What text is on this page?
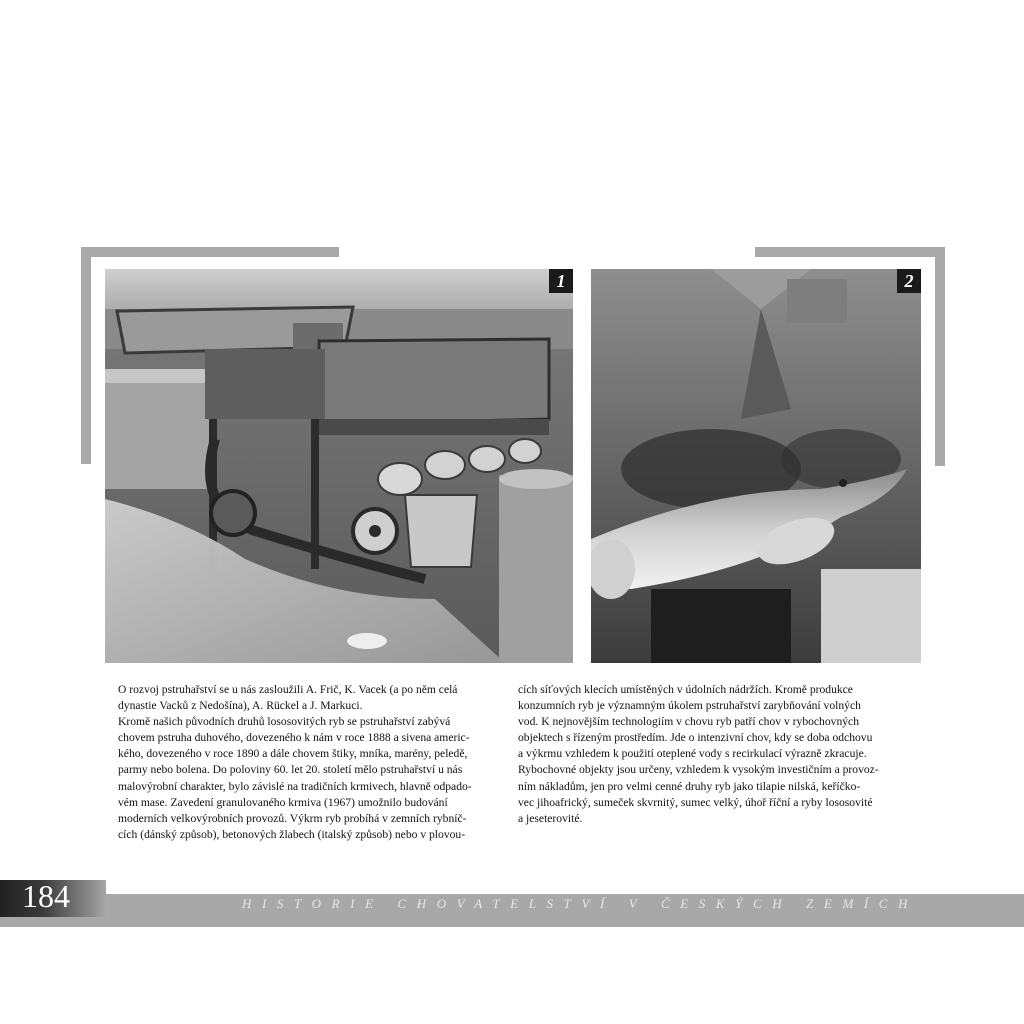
1	2

O rozvoj pstruhařství se u nás zasloužili A. Frič, K. Vacek (a po něm celá

dynastie Vacků z Nedošína), A. Rückel a J. Markuci.

Kromě našich původních druhů lososovitých ryb se pstruhařství zabývá

chovem pstruha duhového, dovezeného k nám v roce 1888 a sivena americ-

kého, dovezeného v roce 1890 a dále chovem štiky, mníka, marény, peledě,

parmy nebo bolena. Do poloviny 60. let 20. století mělo pstruhařství u nás

malovýrobní charakter, bylo závislé na tradičních krmivech, hlavně odpado-

vém mase. Zavedení granulovaného krmiva (1967) umožnilo budování

moderních velkovýrobních provozů. Výkrm ryb probíhá v zemních rybníč-

cích (dánský způsob), betonových žlabech (italský způsob) nebo v plovou-

cích síťových klecích umístěných v údolních nádržích. Kromě produkce

konzumních ryb je významným úkolem pstruhařství zarybňování volných

vod. K nejnovějším technologiím v chovu ryb patří chov v rybochovných

objektech s řízeným prostředím. Jde o intenzivní chov, kdy se doba odchovu

a výkrmu vzhledem k použití oteplené vody s recirkulací výrazně zkracuje.

Rybochovné objekty jsou určeny, vzhledem k vysokým investičním a provoz-

ním nákladům, jen pro velmi cenné druhy ryb jako tilapie nilská, keříčko-

vec jihoafrický, sumeček skvrnitý, sumec velký, úhoř říční a ryby lososovité

a jeseterovité.

184	HISTORIE CHOVATELSTVÍ V ČESKÝCH ZEMÍCH
